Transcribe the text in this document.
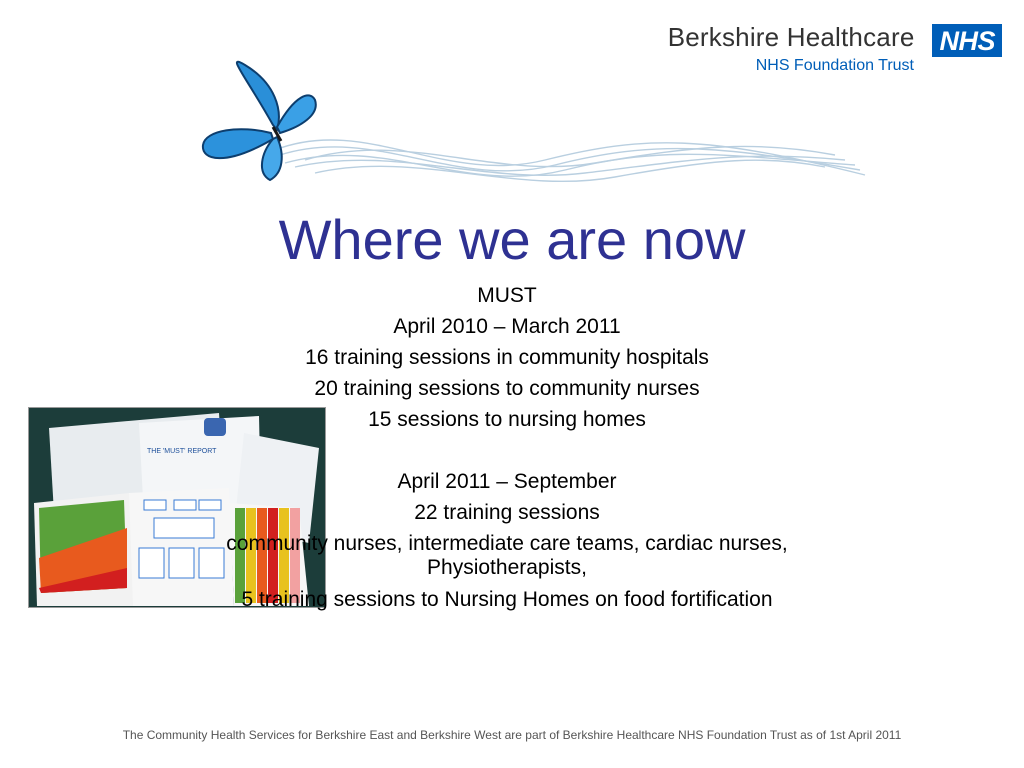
Berkshire Healthcare
NHS Foundation Trust
NHS
Where we are now
THE 'MUST' REPORT
MUST
April 2010 – March 2011
16 training sessions in community hospitals
20 training sessions to community nurses
15 sessions to nursing homes
April 2011 – September
22 training sessions
community nurses, intermediate care teams, cardiac nurses, Physiotherapists,
5 training sessions to Nursing Homes on food fortification
The Community Health Services for Berkshire East and Berkshire West are part of Berkshire Healthcare NHS Foundation Trust as of 1st April 2011
